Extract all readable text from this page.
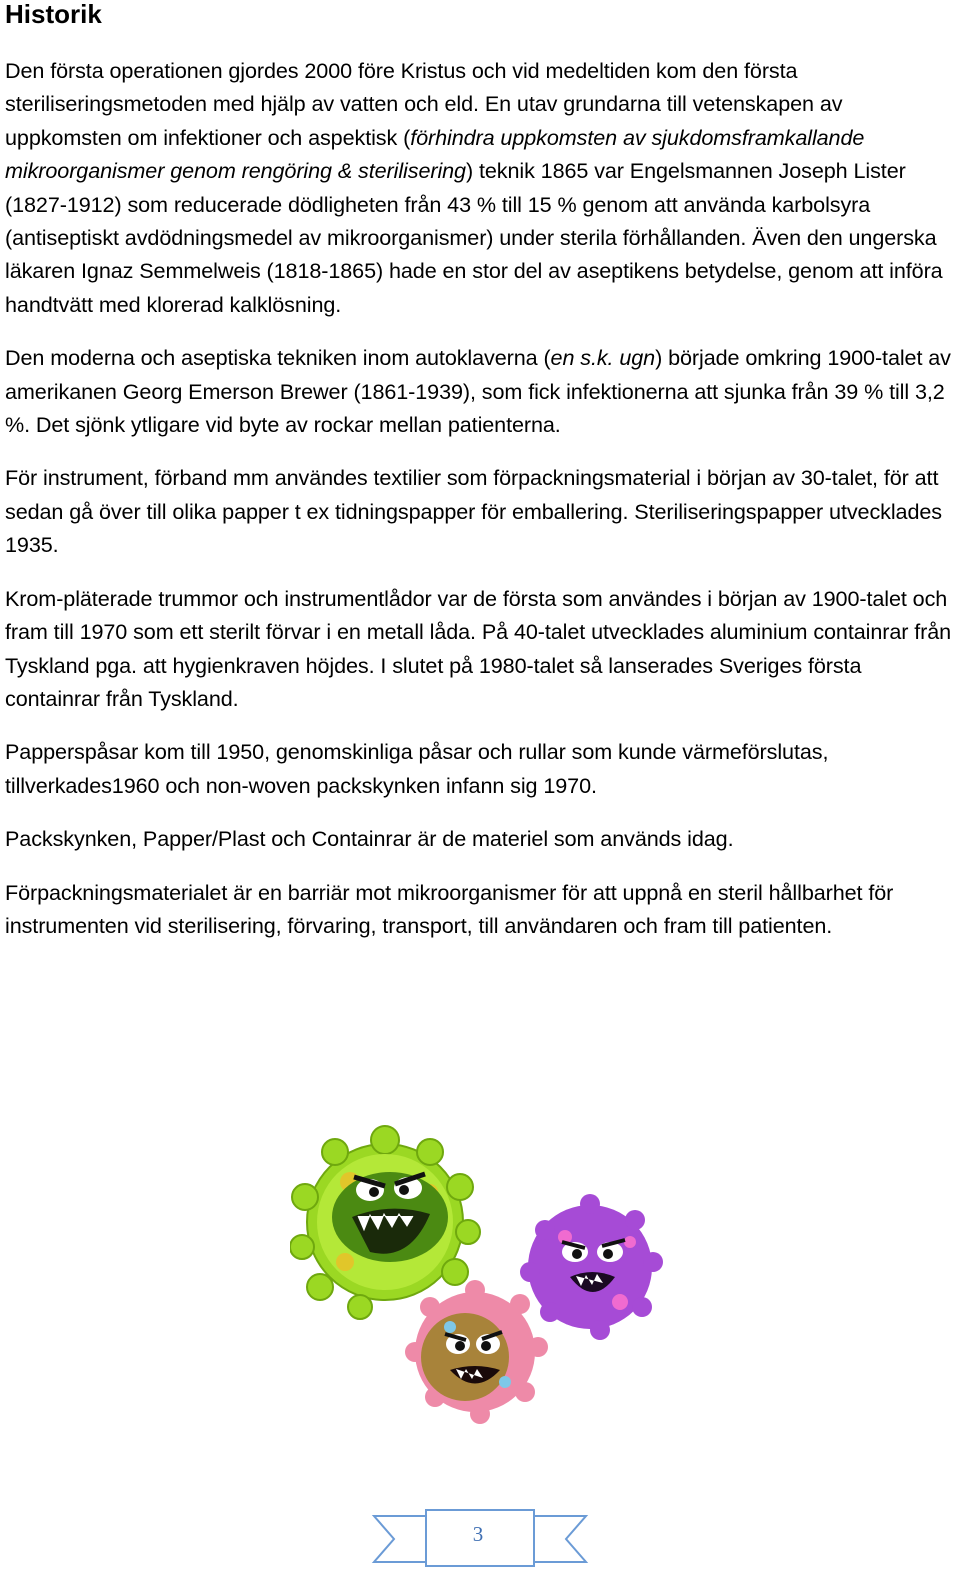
Historik

Den första operationen gjordes 2000 före Kristus och vid medeltiden kom den första steriliseringsmetoden med hjälp av vatten och eld. En utav grundarna till vetenskapen av uppkomsten om infektioner och aspektisk (förhindra uppkomsten av sjukdomsframkallande mikroorganismer genom rengöring & sterilisering) teknik 1865 var Engelsmannen Joseph Lister (1827-1912) som reducerade dödligheten från 43 % till 15 % genom att använda karbolsyra (antiseptiskt avdödningsmedel av mikroorganismer) under sterila förhållanden. Även den ungerska läkaren Ignaz Semmelweis (1818-1865) hade en stor del av aseptikens betydelse, genom att införa handtvätt med klorerad kalklösning.

Den moderna och aseptiska tekniken inom autoklaverna (en s.k. ugn) började omkring 1900-talet av amerikanen Georg Emerson Brewer (1861-1939), som fick infektionerna att sjunka från 39 % till 3,2 %. Det sjönk ytligare vid byte av rockar mellan patienterna.

För instrument, förband mm användes textilier som förpackningsmaterial i början av 30-talet, för att sedan gå över till olika papper t ex tidningspapper för emballering. Steriliseringspapper utvecklades 1935.

Krom-pläterade trummor och instrumentlådor var de första som användes i början av 1900-talet och fram till 1970 som ett sterilt förvar i en metall låda. På 40-talet utvecklades aluminium containrar från Tyskland pga. att hygienkraven höjdes. I slutet på 1980-talet så lanserades Sveriges första containrar från Tyskland.

Papperspåsar kom till 1950, genomskinliga påsar och rullar som kunde värmeförslutas, tillverkades1960 och non-woven packskynken infann sig 1970.

Packskynken, Papper/Plast och Containrar är de materiel som används idag.

Förpackningsmaterialet är en barriär mot mikroorganismer för att uppnå en steril hållbarhet för instrumenten vid sterilisering, förvaring, transport, till användaren och fram till patienten.

3
